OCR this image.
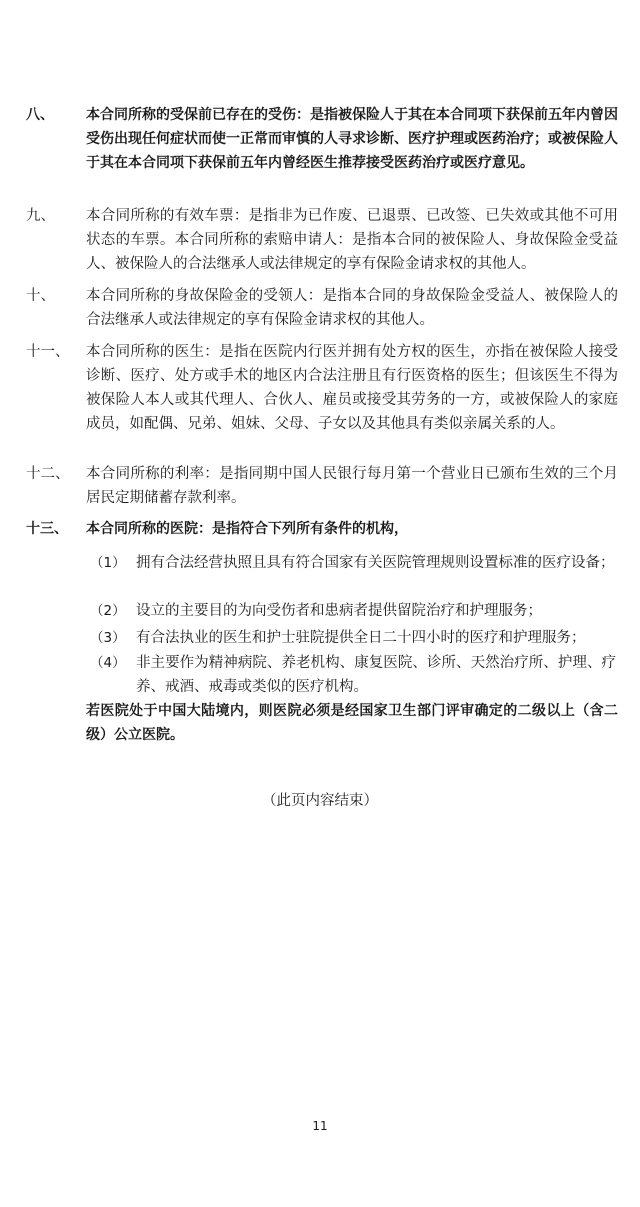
八、 本合同所称的受保前已存在的受伤：是指被保险人于其在本合同项下获保前五年内曾因受伤出现任何症状而使一正常而审慎的人寻求诊断、医疗护理或医药治疗；或被保险人于其在本合同项下获保前五年内曾经医生推荐接受医药治疗或医疗意见。
九、 本合同所称的有效车票：是指非为已作废、已退票、已改签、已失效或其他不可用状态的车票。本合同所称的索赔申请人：是指本合同的被保险人、身故保险金受益人、被保险人的合法继承人或法律规定的享有保险金请求权的其他人。
十、 本合同所称的身故保险金的受领人：是指本合同的身故保险金受益人、被保险人的合法继承人或法律规定的享有保险金请求权的其他人。
十一、 本合同所称的医生：是指在医院内行医并拥有处方权的医生，亦指在被保险人接受诊断、医疗、处方或手术的地区内合法注册且有行医资格的医生；但该医生不得为被保险人本人或其代理人、合伙人、雇员或接受其劳务的一方，或被保险人的家庭成员，如配偶、兄弟、姐妹、父母、子女以及其他具有类似亲属关系的人。
十二、 本合同所称的利率：是指同期中国人民银行每月第一个营业日已颁布生效的三个月居民定期储蓄存款利率。
十三、 本合同所称的医院：是指符合下列所有条件的机构，
（1） 拥有合法经营执照且具有符合国家有关医院管理规则设置标准的医疗设备；
（2） 设立的主要目的为向受伤者和患病者提供留院治疗和护理服务；
（3） 有合法执业的医生和护士驻院提供全日二十四小时的医疗和护理服务；
（4） 非主要作为精神病院、养老机构、康复医院、诊所、天然治疗所、护理、疗养、戒酒、戒毒或类似的医疗机构。
若医院处于中国大陆境内，则医院必须是经国家卫生部门评审确定的二级以上（含二级）公立医院。
（此页内容结束）
11
